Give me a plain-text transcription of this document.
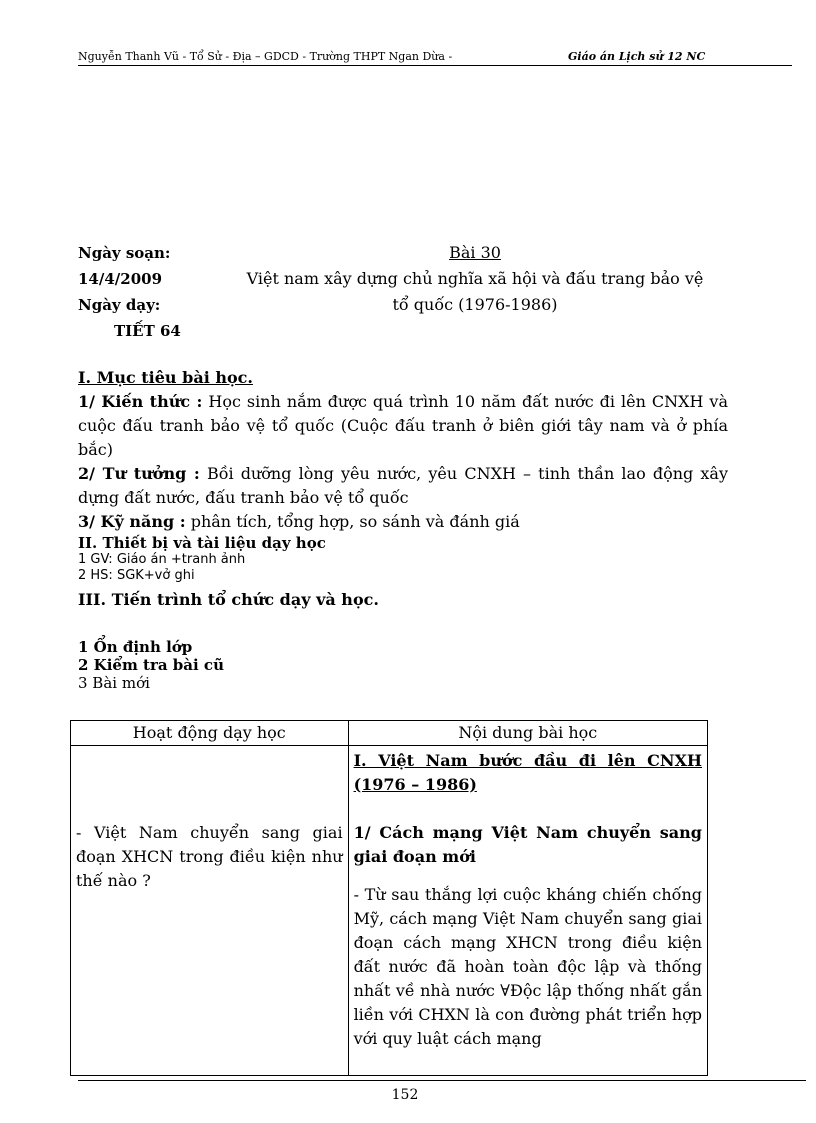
Nguyễn Thanh Vũ - Tổ Sử - Địa – GDCD - Trường THPT Ngan Dừa -	Giáo án Lịch sử 12 NC
Ngày soạn:
14/4/2009
Ngày dạy:
TIẾT 64
Bài 30
Việt nam xây dựng chủ nghĩa xã hội và đấu trang bảo vệ
tổ quốc (1976-1986)

I. Mục tiêu bài học.

1/ Kiến thức : Học sinh nắm được quá trình 10 năm đất nước đi lên CNXH và cuộc đấu tranh bảo vệ tổ quốc (Cuộc đấu tranh ở biên giới tây nam và ở phía bắc)

2/ Tư tưởng : Bồi dưỡng lòng yêu nước, yêu CNXH – tinh thần lao động xây dựng đất nước, đấu tranh bảo vệ tổ quốc

3/ Kỹ năng : phân tích, tổng hợp, so sánh và đánh giá

II. Thiết bị và tài liệu dạy học

1 GV: Giáo án +tranh ảnh

2 HS: SGK+vở ghi

III. Tiến trình tổ chức dạy và học.

1 Ổn định lớp
2 Kiểm tra bài cũ
3 Bài mới
Hoạt động dạy học	Nội dung bài học

- Việt Nam chuyển sang giai đoạn XHCN trong điều kiện như thế nào ?	I. Việt Nam bước đầu đi lên CNXH (1976 – 1986)
1/ Cách mạng Việt Nam chuyển sang giai đoạn mới
- Từ sau thắng lợi cuộc kháng chiến chống Mỹ, cách mạng Việt Nam chuyển sang giai đoạn cách mạng XHCN trong điều kiện đất nước đã hoàn toàn độc lập và thống nhất về nhà nước ∀Độc lập thống nhất gắn liền với CHXN là con đường phát triển hợp với quy luật cách mạng
152
